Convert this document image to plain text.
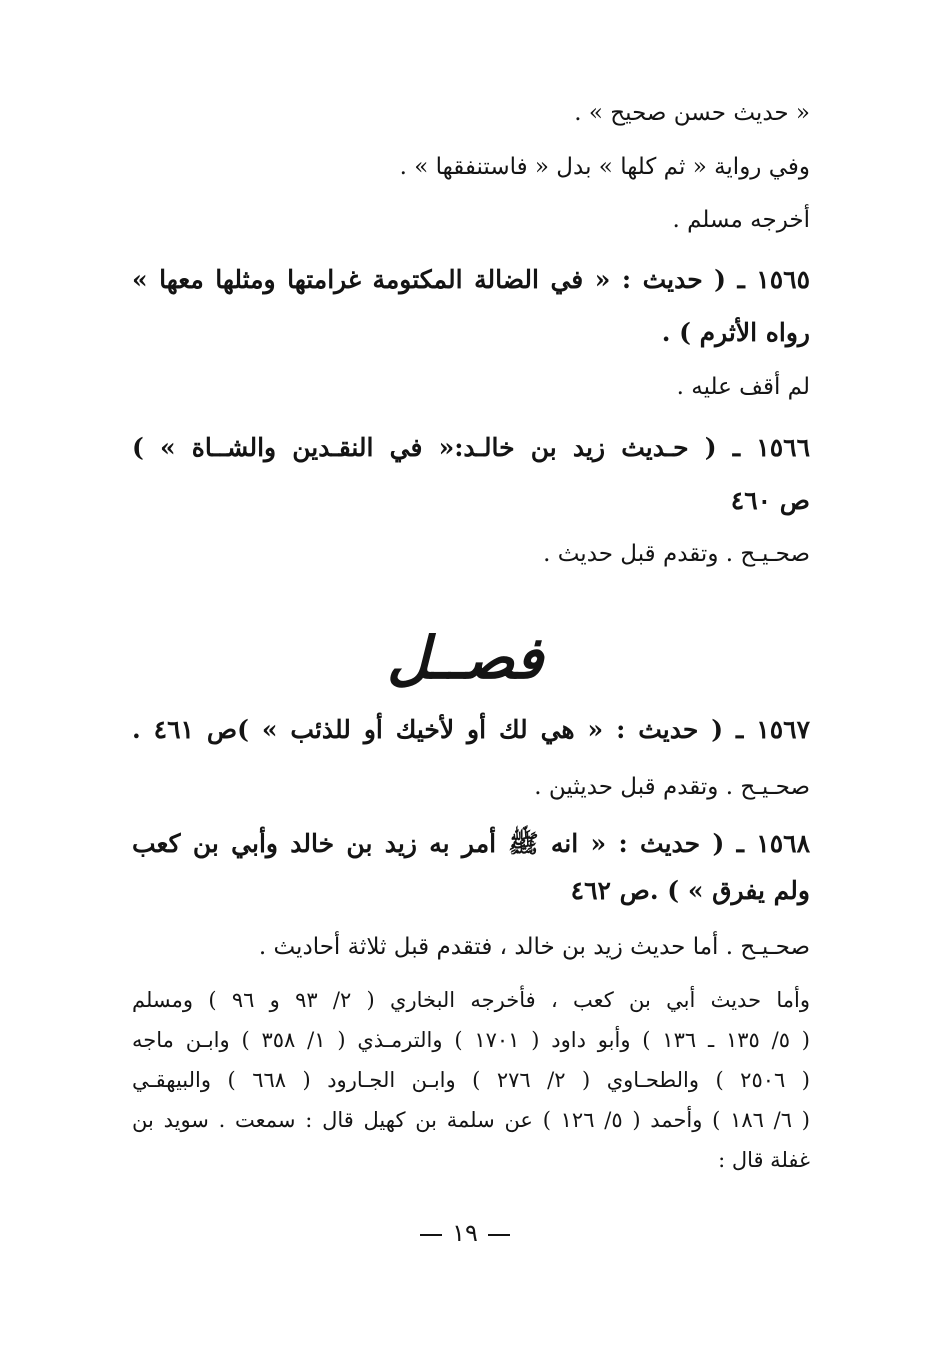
« حديث حسن صحيح » .
وفي رواية « ثم كلها » بدل « فاستنفقها » .
أخرجه مسلم .
١٥٦٥ ـ ( حديث : « في الضالة المكتومة غرامتها ومثلها معها »
رواه الأثرم ) .
لم أقف عليه .
١٥٦٦ ـ ( حـديث زيد بن خالـد:« في النقـدين والشــاة » )
ص ٤٦٠
صحـيـح . وتقدم قبل حديث .
فصــل
١٥٦٧ ـ ( حديث : « هي لك أو لأخيك أو للذئب » )ص ٤٦١ .
صحـيـح . وتقدم قبل حديثين .
١٥٦٨ ـ ( حديث : « انه ﷺ أمر به زيد بن خالد وأبي بن كعب
ولم يفرق » ) .ص ٤٦٢
صحـيـح . أما حديث زيد بن خالد ، فتقدم قبل ثلاثة أحاديث .
وأما حديث أبي بن كعب ، فأخرجه البخاري ( ٢/ ٩٣ و ٩٦ ) ومسلم
( ٥/ ١٣٥ ـ ١٣٦ ) وأبو داود ( ١٧٠١ ) والترمـذي ( ١/ ٣٥٨ ) وابـن ماجه
( ٢٥٠٦ ) والطحـاوي ( ٢/ ٢٧٦ ) وابـن الجـارود ( ٦٦٨ ) والبيهقـي
( ٦/ ١٨٦ ) وأحمد ( ٥/ ١٢٦ ) عن سلمة بن كهيل قال : سمعت . سويد بن
غفلة قال :
١٩
